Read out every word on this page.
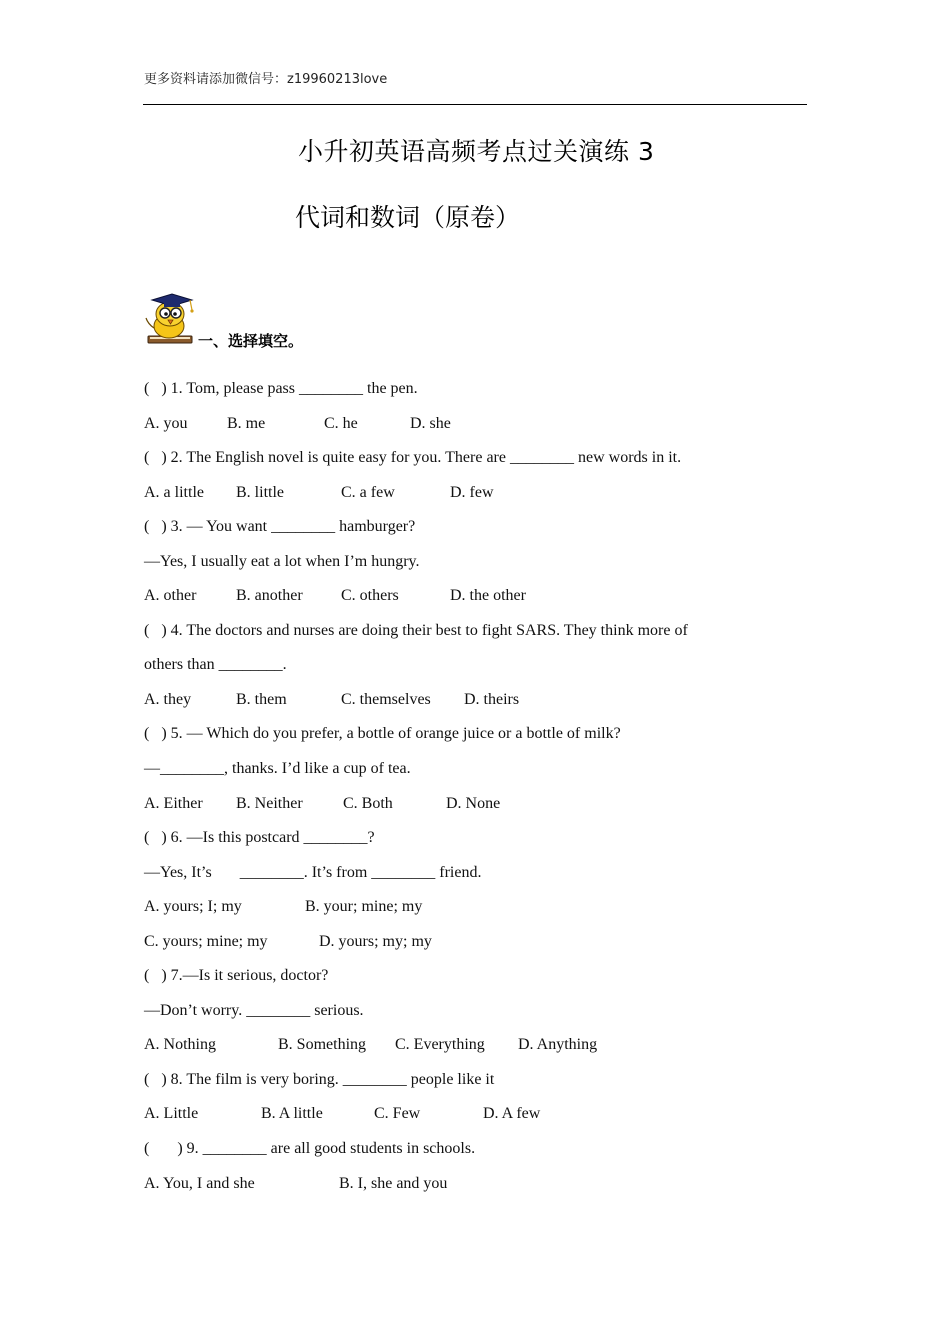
更多资料请添加微信号：z19960213love
小升初英语高频考点过关演练 3
代词和数词（原卷）
一、选择填空。
(   ) 1. Tom, please pass ________ the pen.
A. you B. me	C. he	D. she
(   ) 2. The English novel is quite easy for you. There are ________ new words in it.
A. a little B. little	C. a few	D. few
(   ) 3. — You want ________ hamburger?
—Yes, I usually eat a lot when I’m hungry.
A. other B. another C. others	D. the other
(   ) 4. The doctors and nurses are doing their best to fight SARS. They think more of
others than ________.
A. they	B. them	C. themselves D. theirs
(   ) 5. — Which do you prefer, a bottle of orange juice or a bottle of milk?
—________, thanks. I’d like a cup of tea.
A. Either B. Neither	C. Both	D. None
(   ) 6. —Is this postcard ________?
—Yes, It’s       ________. It’s from ________ friend.
A. yours; I; my	B. your; mine; my
C. yours; mine; my	D. yours; my; my
(   ) 7.—Is it serious, doctor?
—Don’t worry. ________ serious.
A. Nothing	B. Something C. Everything D. Anything
(   ) 8. The film is very boring. ________ people like it
A. Little	B. A little	C. Few	D. A few
(       ) 9. ________ are all good students in schools.
A. You, I and she	B. I, she and you
